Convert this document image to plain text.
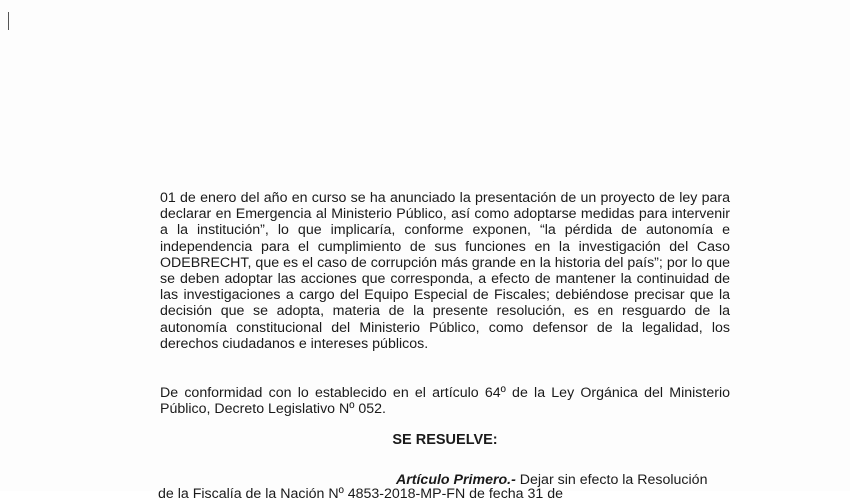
01 de enero del año en curso se ha anunciado la presentación de un proyecto de ley para declarar en Emergencia al Ministerio Público, así como adoptarse medidas para intervenir a la institución”, lo que implicaría, conforme exponen, “la pérdida de autonomía e independencia para el cumplimiento de sus funciones en la investigación del Caso ODEBRECHT, que es el caso de corrupción más grande en la historia del país”; por lo que se deben adoptar las acciones que corresponda, a efecto de mantener la continuidad de las investigaciones a cargo del Equipo Especial de Fiscales; debiéndose precisar que la decisión que se adopta, materia de la presente resolución, es en resguardo de la autonomía constitucional del Ministerio Público, como defensor de la legalidad, los derechos ciudadanos e intereses públicos.

De conformidad con lo establecido en el artículo 64º de la Ley Orgánica del Ministerio Público, Decreto Legislativo Nº 052.

SE RESUELVE:
Artículo Primero.- Dejar sin efecto la Resolución
de la Fiscalía de la Nación Nº 4853-2018-MP-FN de fecha 31 de
